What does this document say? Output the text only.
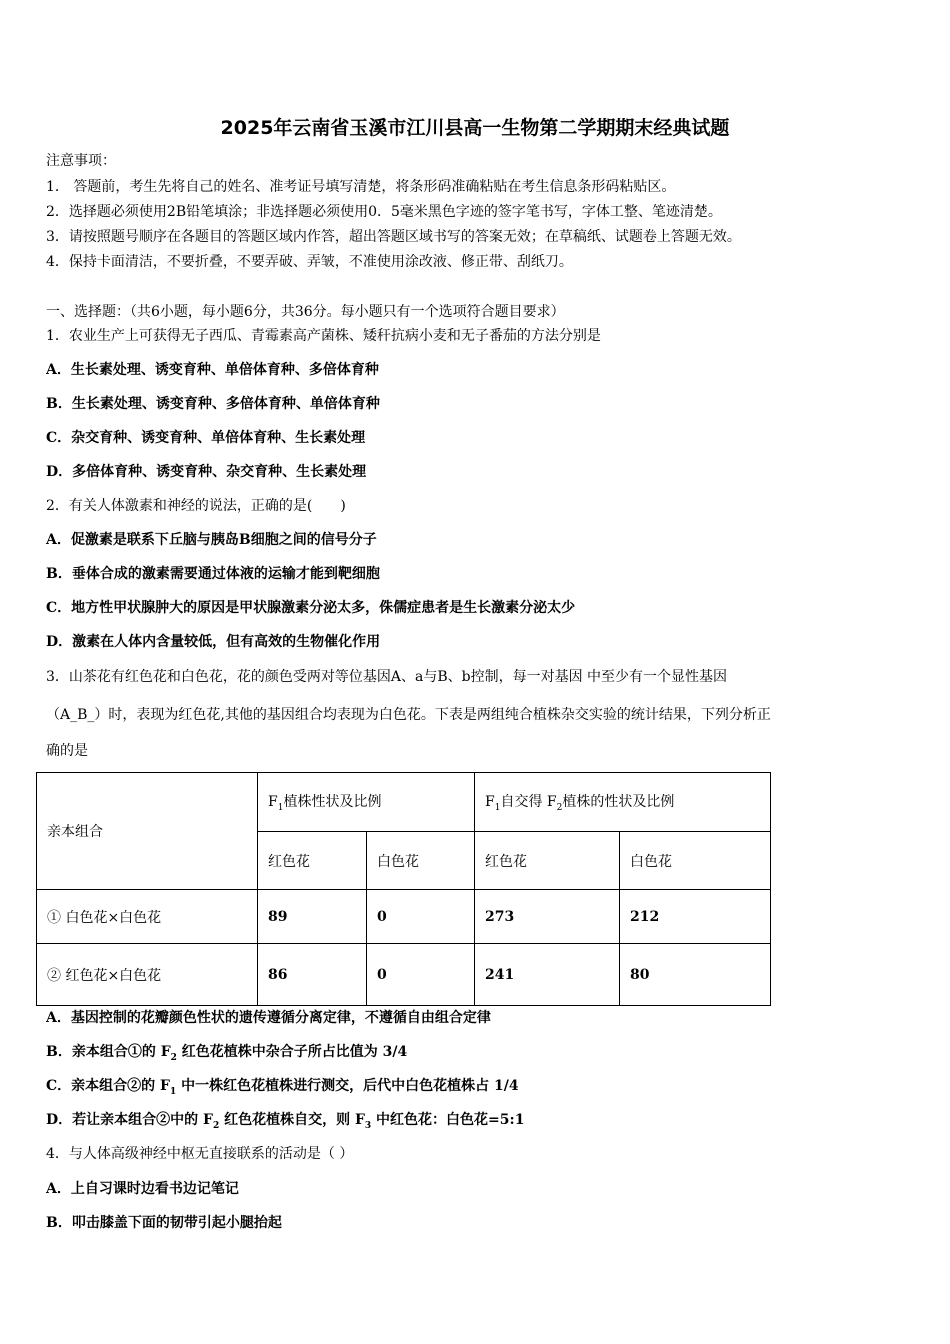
2025年云南省玉溪市江川县高一生物第二学期期末经典试题
注意事项：
1． 答题前，考生先将自己的姓名、准考证号填写清楚，将条形码准确粘贴在考生信息条形码粘贴区。
2．选择题必须使用2B铅笔填涂；非选择题必须使用0．5毫米黑色字迹的签字笔书写，字体工整、笔迹清楚。
3．请按照题号顺序在各题目的答题区域内作答，超出答题区域书写的答案无效；在草稿纸、试题卷上答题无效。
4．保持卡面清洁，不要折叠，不要弄破、弄皱，不准使用涂改液、修正带、刮纸刀。
一、选择题：（共6小题，每小题6分，共36分。每小题只有一个选项符合题目要求）
1．农业生产上可获得无子西瓜、青霉素高产菌株、矮秆抗病小麦和无子番茄的方法分别是
A．生长素处理、诱变育种、单倍体育种、多倍体育种
B．生长素处理、诱变育种、多倍体育种、单倍体育种
C．杂交育种、诱变育种、单倍体育种、生长素处理
D．多倍体育种、诱变育种、杂交育种、生长素处理
2．有关人体激素和神经的说法，正确的是(　　)
A．促激素是联系下丘脑与胰岛B细胞之间的信号分子
B．垂体合成的激素需要通过体液的运输才能到靶细胞
C．地方性甲状腺肿大的原因是甲状腺激素分泌太多，侏儒症患者是生长激素分泌太少
D．激素在人体内含量较低，但有高效的生物催化作用
3．山茶花有红色花和白色花，花的颜色受两对等位基因A、a与B、b控制，每一对基因 中至少有一个显性基因
（A_B_）时，表现为红色花,其他的基因组合均表现为白色花。下表是两组纯合植株杂交实验的统计结果，下列分析正
确的是
亲本组合	$F_1$植株性状及比例		$F_1$自交得 $F_2$植株的性状及比例	
	红色花	白色花	红色花	白色花
① 白色花×白色花	89	0	273	212
② 红色花×白色花	86	0	241	80
A．基因控制的花瓣颜色性状的遗传遵循分离定律，不遵循自由组合定律
B．亲本组合①的 $F_2$ 红色花植株中杂合子所占比值为 3/4
C．亲本组合②的 $F_1$ 中一株红色花植株进行测交，后代中白色花植株占 1/4
D．若让亲本组合②中的 $F_2$ 红色花植株自交，则 $F_3$ 中红色花：白色花=5:1
4．与人体高级神经中枢无直接联系的活动是（ ）
A．上自习课时边看书边记笔记
B．叩击膝盖下面的韧带引起小腿抬起
